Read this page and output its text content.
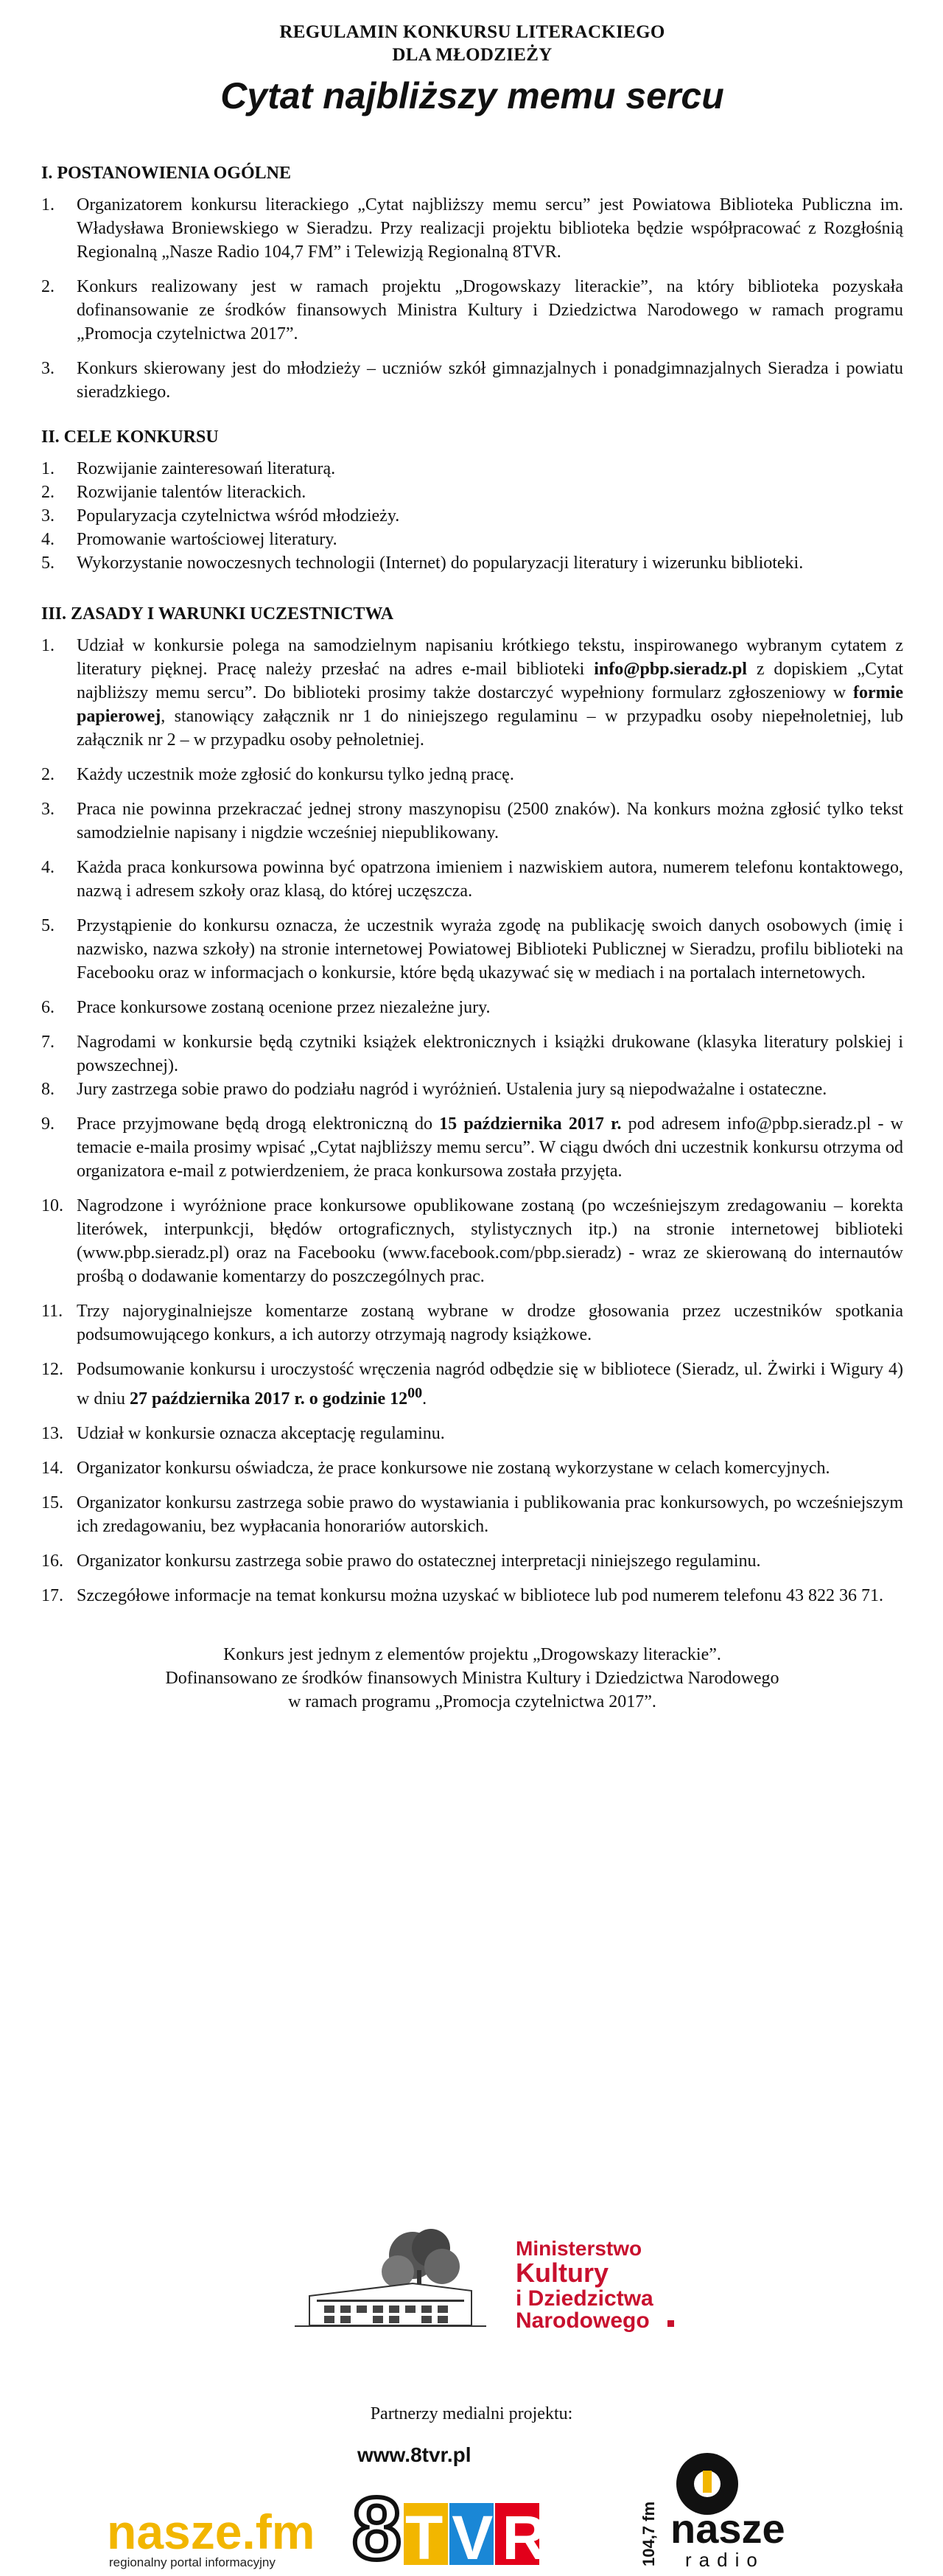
REGULAMIN KONKURSU LITERACKIEGO
DLA MŁODZIEŻY
Cytat najbliższy memu sercu
I. POSTANOWIENIA OGÓLNE
1.	Organizatorem konkursu literackiego „Cytat najbliższy memu sercu” jest Powiatowa Biblioteka Publiczna im. Władysława Broniewskiego w Sieradzu. Przy realizacji projektu biblioteka będzie współpracować z Rozgłośnią Regionalną „Nasze Radio 104,7 FM” i Telewizją Regionalną 8TVR.
2.	Konkurs realizowany jest w ramach projektu „Drogowskazy literackie”, na który biblioteka pozyskała dofinansowanie ze środków finansowych Ministra Kultury i Dziedzictwa Narodowego w ramach programu „Promocja czytelnictwa 2017”.
3.	Konkurs skierowany jest do młodzieży – uczniów szkół gimnazjalnych i ponadgimnazjalnych Sieradza i powiatu sieradzkiego.
II. CELE KONKURSU
1.	Rozwijanie zainteresowań literaturą.
2.	Rozwijanie talentów literackich.
3.	Popularyzacja czytelnictwa wśród młodzieży.
4.	Promowanie wartościowej literatury.
5.	Wykorzystanie nowoczesnych technologii (Internet) do popularyzacji literatury i wizerunku biblioteki.
III. ZASADY I WARUNKI UCZESTNICTWA
1.	Udział w konkursie polega na samodzielnym napisaniu krótkiego tekstu, inspirowanego wybranym cytatem z literatury pięknej. Pracę należy przesłać na adres e-mail biblioteki info@pbp.sieradz.pl z dopiskiem „Cytat najbliższy memu sercu”. Do biblioteki prosimy także dostarczyć wypełniony formularz zgłoszeniowy w formie papierowej, stanowiący załącznik nr 1 do niniejszego regulaminu – w przypadku osoby niepełnoletniej, lub załącznik nr 2 – w przypadku osoby pełnoletniej.
2.	Każdy uczestnik może zgłosić do konkursu tylko jedną pracę.
3.	Praca nie powinna przekraczać jednej strony maszynopisu (2500 znaków). Na konkurs można zgłosić tylko tekst samodzielnie napisany i nigdzie wcześniej niepublikowany.
4.	Każda praca konkursowa powinna być opatrzona imieniem i nazwiskiem autora, numerem telefonu kontaktowego, nazwą i adresem szkoły oraz klasą, do której uczęszcza.
5.	Przystąpienie do konkursu oznacza, że uczestnik wyraża zgodę na publikację swoich danych osobowych (imię i nazwisko, nazwa szkoły) na stronie internetowej Powiatowej Biblioteki Publicznej w Sieradzu, profilu biblioteki na Facebooku oraz w informacjach o konkursie, które będą ukazywać się w mediach i na portalach internetowych.
6.	Prace konkursowe zostaną ocenione przez niezależne jury.
7.	Nagrodami w konkursie będą czytniki książek elektronicznych i książki drukowane (klasyka literatury polskiej i powszechnej).
8.	Jury zastrzega sobie prawo do podziału nagród i wyróżnień. Ustalenia jury są niepodważalne i ostateczne.
9.	Prace przyjmowane będą drogą elektroniczną do 15 października 2017 r. pod adresem info@pbp.sieradz.pl - w temacie e-maila prosimy wpisać „Cytat najbliższy memu sercu”. W ciągu dwóch dni uczestnik konkursu otrzyma od organizatora e-mail z potwierdzeniem, że praca konkursowa została przyjęta.
10. Nagrodzone i wyróżnione prace konkursowe opublikowane zostaną (po wcześniejszym zredagowaniu – korekta literówek, interpunkcji, błędów ortograficznych, stylistycznych itp.) na stronie internetowej biblioteki (www.pbp.sieradz.pl) oraz na Facebooku (www.facebook.com/pbp.sieradz) - wraz ze skierowaną do internautów prośbą o dodawanie komentarzy do poszczególnych prac.
11. Trzy najoryginalniejsze komentarze zostaną wybrane w drodze głosowania przez uczestników spotkania podsumowującego konkurs, a ich autorzy otrzymają nagrody książkowe.
12. Podsumowanie konkursu i uroczystość wręczenia nagród odbędzie się w bibliotece (Sieradz, ul. Żwirki i Wigury 4) w dniu 27 października 2017 r. o godzinie $12^{00}$.
13. Udział w konkursie oznacza akceptację regulaminu.
14. Organizator konkursu oświadcza, że prace konkursowe nie zostaną wykorzystane w celach komercyjnych.
15. Organizator konkursu zastrzega sobie prawo do wystawiania i publikowania prac konkursowych, po wcześniejszym ich zredagowaniu, bez wypłacania honorariów autorskich.
16. Organizator konkursu zastrzega sobie prawo do ostatecznej interpretacji niniejszego regulaminu.
17. Szczegółowe informacje na temat konkursu można uzyskać w bibliotece lub pod numerem telefonu 43 822 36 71.
Konkurs jest jednym z elementów projektu „Drogowskazy literackie”.
Dofinansowano ze środków finansowych Ministra Kultury i Dziedzictwa Narodowego
w ramach programu „Promocja czytelnictwa 2017”.
Ministerstwo
Kultury
i Dziedzictwa
Narodowego
Partnerzy medialni projektu:
nasze.fm
regionalny portal informacyjny
www.8tvr.pl
8 TVR	104,7 fm nasze
radio
